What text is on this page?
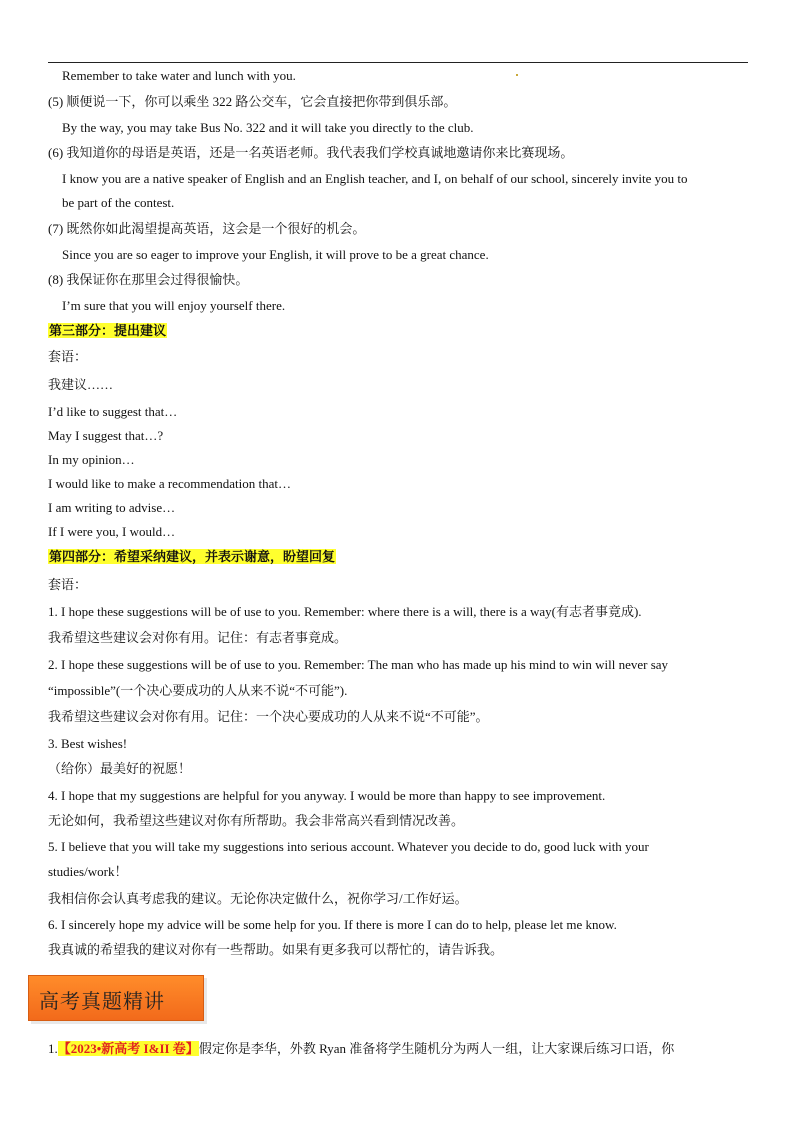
Remember to take water and lunch with you.
(5) 顺便说一下，你可以乘坐 322 路公交车，它会直接把你带到俱乐部。
By the way, you may take Bus No. 322 and it will take you directly to the club.
(6) 我知道你的母语是英语，还是一名英语老师。我代表我们学校真诚地邀请你来比赛现场。
I know you are a native speaker of English and an English teacher, and I, on behalf of our school, sincerely invite you to
be part of the contest.
(7) 既然你如此渴望提高英语，这会是一个很好的机会。
Since you are so eager to improve your English, it will prove to be a great chance.
(8) 我保证你在那里会过得很愉快。
I’m sure that you will enjoy yourself there.
第三部分：提出建议
套语：
我建议……
I’d like to suggest that…
May I suggest that…?
In my opinion…
I would like to make a recommendation that…
I am writing to advise…
If I were you, I would…
第四部分：希望采纳建议，并表示谢意，盼望回复
套语：
1. I hope these suggestions will be of use to you. Remember: where there is a will, there is a way(有志者事竟成).
我希望这些建议会对你有用。记住：有志者事竟成。
2. I hope these suggestions will be of use to you. Remember: The man who has made up his mind to win will never say
“impossible”(一个决心要成功的人从来不说“不可能”).
我希望这些建议会对你有用。记住：一个决心要成功的人从来不说“不可能”。
3. Best wishes!
（给你）最美好的祝愿！
4. I hope that my suggestions are helpful for you anyway. I would be more than happy to see improvement.
无论如何，我希望这些建议对你有所帮助。我会非常高兴看到情况改善。
5. I believe that you will take my suggestions into serious account. Whatever you decide to do, good luck with your
studies/work！
我相信你会认真考虑我的建议。无论你决定做什么，祝你学习/工作好运。
6. I sincerely hope my advice will be some help for you. If there is more I can do to help, please let me know.
我真诚的希望我的建议对你有一些帮助。如果有更多我可以帮忙的，请告诉我。
高考真题精讲
1.【2023•新高考 I&II 卷】假定你是李华，外教 Ryan 准备将学生随机分为两人一组，让大家课后练习口语，你
